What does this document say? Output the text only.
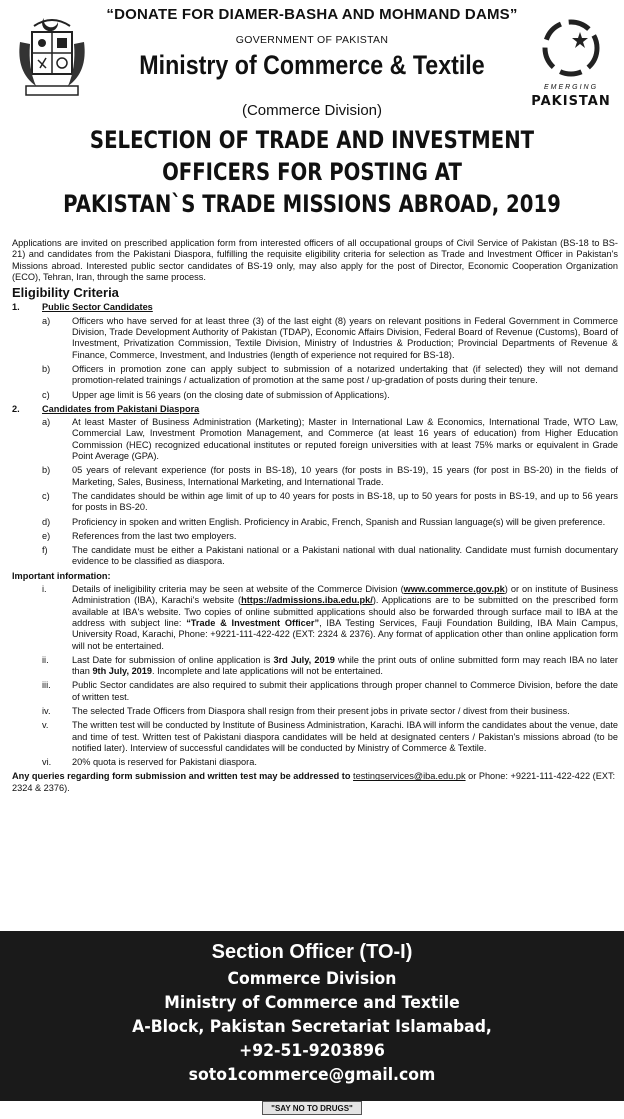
“DONATE FOR DIAMER-BASHA AND MOHMAND DAMS”
GOVERNMENT OF PAKISTAN
Ministry of Commerce & Textile
(Commerce Division)
EMERGING
PAKISTAN
SELECTION OF TRADE AND INVESTMENT
OFFICERS FOR POSTING AT
PAKISTAN`S TRADE MISSIONS ABROAD, 2019

Applications are invited on prescribed application form from interested officers of all occupational groups of Civil Service of Pakistan (BS-18 to BS-21) and candidates from the Pakistani Diaspora, fulfilling the requisite eligibility criteria for selection as Trade and Investment Officer in Pakistan's Missions abroad. Interested public sector candidates of BS-19 only, may also apply for the post of Director, Economic Cooperation Organization (ECO), Tehran, Iran, through the same process.

Eligibility Criteria
1.	Public Sector Candidates
a)	Officers who have served for at least three (3) of the last eight (8) years on relevant positions in Federal Government in Commerce Division, Trade Development Authority of Pakistan (TDAP), Economic Affairs Division, Federal Board of Revenue (Customs), Board of Investment, Privatization Commission, Textile Division, Ministry of Industries & Production; Provincial Departments of Revenue & Finance, Commerce, Investment, and Industries (length of experience not required for BS-18).
b)	Officers in promotion zone can apply subject to submission of a notarized undertaking that (if selected) they will not demand promotion-related trainings / actualization of promotion at the same post / up-gradation of posts during their tenure.
c)	Upper age limit is 56 years (on the closing date of submission of Applications).
2.	Candidates from Pakistani Diaspora
a)	At least Master of Business Administration (Marketing); Master in International Law & Economics, International Trade, WTO Law, Commercial Law, Investment Promotion Management, and Commerce (at least 16 years of education) from Higher Education Commission (HEC) recognized educational institutes or reputed foreign universities with at least 75% marks or equivalent in Grade Point Average (GPA).
b)	05 years of relevant experience (for posts in BS-18), 10 years (for posts in BS-19), 15 years (for post in BS-20) in the fields of Marketing, Sales, Business, International Marketing, and International Trade.
c)	The candidates should be within age limit of up to 40 years for posts in BS-18, up to 50 years for posts in BS-19, and up to 56 years for posts in BS-20.
d)	Proficiency in spoken and written English. Proficiency in Arabic, French, Spanish and Russian language(s) will be given preference.
e)	References from the last two employers.
f)	The candidate must be either a Pakistani national or a Pakistani national with dual nationality. Candidate must furnish documentary evidence to be classified as diaspora.
Important information:
i.	Details of ineligibility criteria may be seen at website of the Commerce Division (www.commerce.gov.pk) or on institute of Business Administration (IBA), Karachi's website (https://admissions.iba.edu.pk/). Applications are to be submitted on the prescribed form available at IBA's website. Two copies of online submitted applications should also be forwarded through surface mail to IBA at the address with subject line: “Trade & Investment Officer”, IBA Testing Services, Fauji Foundation Building, IBA Main Campus, University Road, Karachi, Phone: +9221-111-422-422 (EXT: 2324 & 2376). Any format of application other than online application form will not be entertained.
ii.	Last Date for submission of online application is 3rd July, 2019 while the print outs of online submitted form may reach IBA no later than 9th July, 2019. Incomplete and late applications will not be entertained.
iii.	Public Sector candidates are also required to submit their applications through proper channel to Commerce Division, before the date of written test.
iv.	The selected Trade Officers from Diaspora shall resign from their present jobs in private sector / divest from their business.
v.	The written test will be conducted by Institute of Business Administration, Karachi. IBA will inform the candidates about the venue, date and time of test. Written test of Pakistani diaspora candidates will be held at designated centers / Pakistan's missions abroad (to be notified later). Interview of successful candidates will be conducted by Ministry of Commerce & Textile.
vi.	20% quota is reserved for Pakistani diaspora.

Any queries regarding form submission and written test may be addressed to testingservices@iba.edu.pk or Phone: +9221-111-422-422 (EXT: 2324 & 2376).

Section Officer (TO-I)
Commerce Division
Ministry of Commerce and Textile
A-Block, Pakistan Secretariat Islamabad,
+92-51-9203896
soto1commerce@gmail.com
"SAY NO TO DRUGS"
